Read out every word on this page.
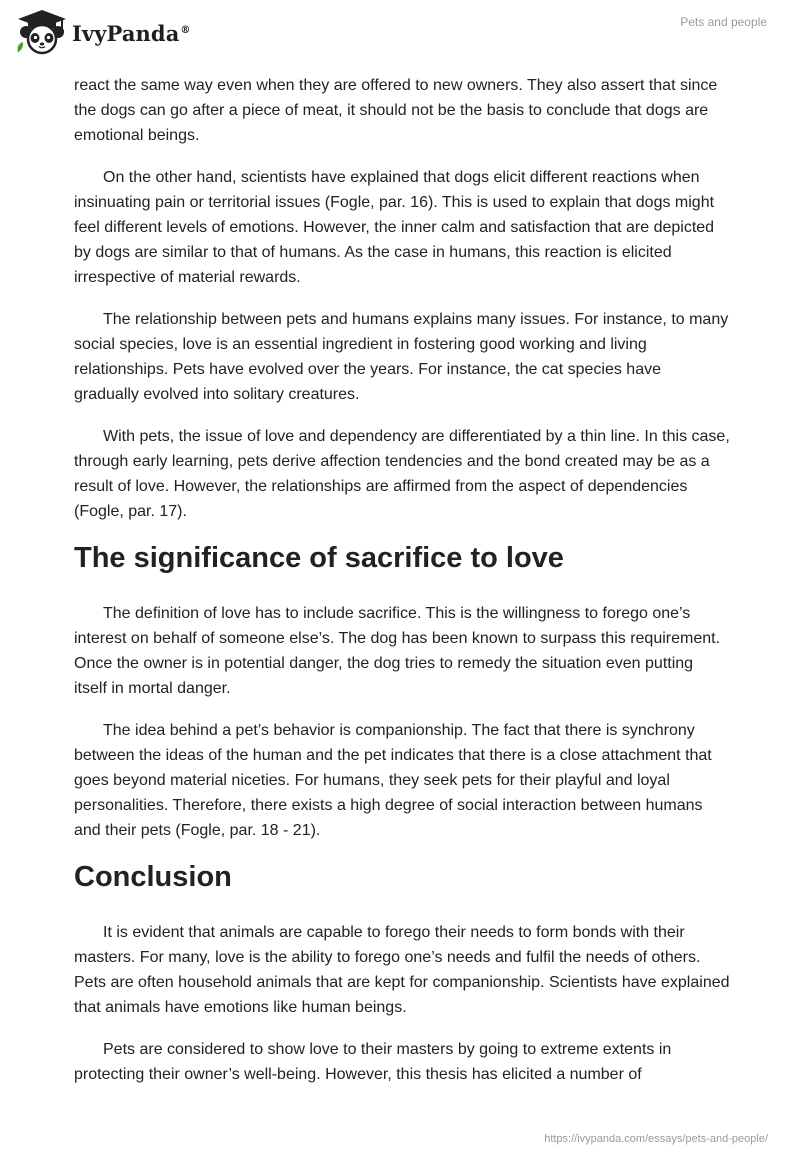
IvyPanda®
Pets and people

react the same way even when they are offered to new owners. They also assert that since the dogs can go after a piece of meat, it should not be the basis to conclude that dogs are emotional beings.

On the other hand, scientists have explained that dogs elicit different reactions when insinuating pain or territorial issues (Fogle, par. 16). This is used to explain that dogs might feel different levels of emotions. However, the inner calm and satisfaction that are depicted by dogs are similar to that of humans. As the case in humans, this reaction is elicited irrespective of material rewards.

The relationship between pets and humans explains many issues. For instance, to many social species, love is an essential ingredient in fostering good working and living relationships. Pets have evolved over the years. For instance, the cat species have gradually evolved into solitary creatures.

With pets, the issue of love and dependency are differentiated by a thin line. In this case, through early learning, pets derive affection tendencies and the bond created may be as a result of love. However, the relationships are affirmed from the aspect of dependencies (Fogle, par. 17).

The significance of sacrifice to love

The definition of love has to include sacrifice. This is the willingness to forego one’s interest on behalf of someone else’s. The dog has been known to surpass this requirement. Once the owner is in potential danger, the dog tries to remedy the situation even putting itself in mortal danger.

The idea behind a pet’s behavior is companionship. The fact that there is synchrony between the ideas of the human and the pet indicates that there is a close attachment that goes beyond material niceties. For humans, they seek pets for their playful and loyal personalities. Therefore, there exists a high degree of social interaction between humans and their pets (Fogle, par. 18 - 21).

Conclusion

It is evident that animals are capable to forego their needs to form bonds with their masters. For many, love is the ability to forego one’s needs and fulfil the needs of others. Pets are often household animals that are kept for companionship. Scientists have explained that animals have emotions like human beings.

Pets are considered to show love to their masters by going to extreme extents in protecting their owner’s well-being. However, this thesis has elicited a number of

https://ivypanda.com/essays/pets-and-people/
